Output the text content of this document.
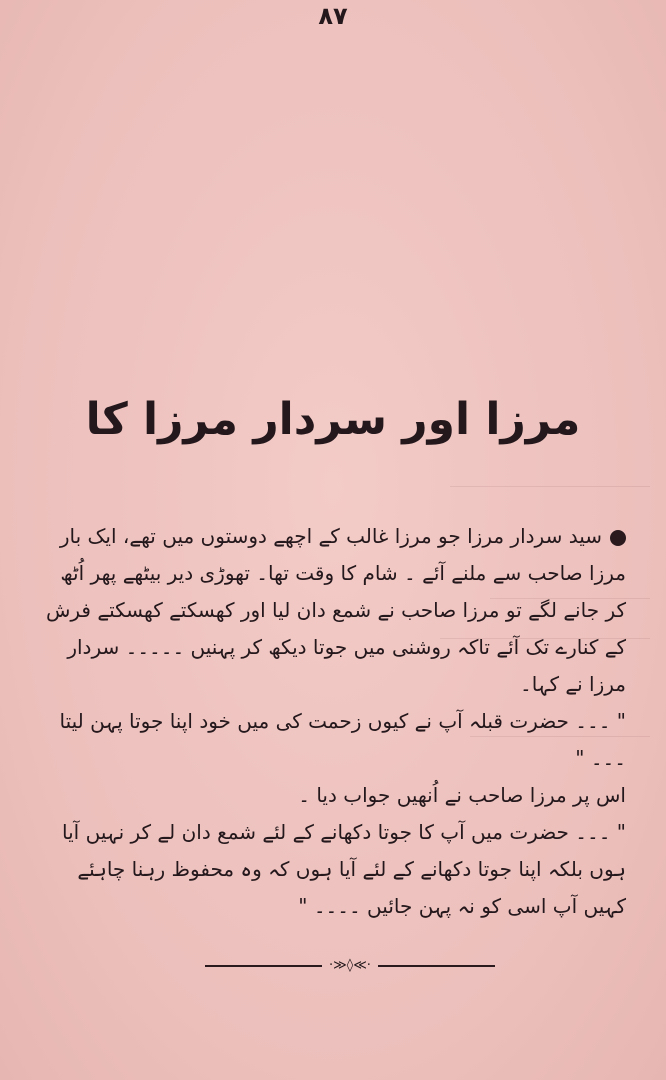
۸۷
مرزا اور سردار مرزا کا

سید سردار مرزا جو مرزا غالب کے اچھے دوستوں میں تھے، ایک بار مرزا صاحب سے ملنے آئے ۔ شام کا وقت تھا۔ تھوڑی دیر بیٹھے پھر اُٹھ کر جانے لگے تو مرزا صاحب نے شمع دان لیا اور کھسکتے کھسکتے فرش کے کنارے تک آئے تاکہ روشنی میں جوتا دیکھ کر پہنیں ۔۔۔۔۔ سردار مرزا نے کہا۔

" ۔۔۔ حضرت قبلہ آپ نے کیوں زحمت کی میں خود اپنا جوتا پہن لیتا ۔۔۔ "

اس پر مرزا صاحب نے اُنھیں جواب دیا ۔

" ۔۔۔ حضرت میں آپ کا جوتا دکھانے کے لئے شمع دان لے کر نہیں آیا ہوں بلکہ اپنا جوتا دکھانے کے لئے آیا ہوں کہ وہ محفوظ رہنا چاہئے کہیں آپ اسی کو نہ پہن جائیں ۔۔۔۔ "

·≫◊≪·
